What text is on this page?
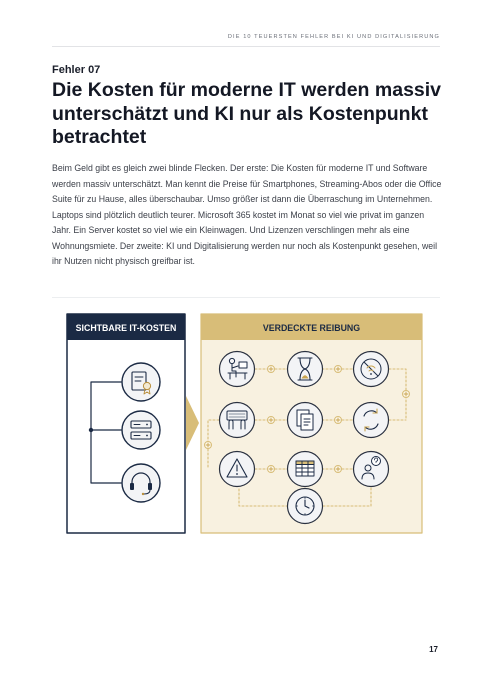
DIE 10 TEUERSTEN FEHLER BEI KI UND DIGITALISIERUNG
Fehler 07
Die Kosten für moderne IT werden massiv unterschätzt und KI nur als Kostenpunkt betrachtet

Beim Geld gibt es gleich zwei blinde Flecken. Der erste: Die Kosten für moderne IT und Software werden massiv unterschätzt. Man kennt die Preise für Smartphones, Streaming-Abos oder die Office Suite für zu Hause, alles überschaubar. Umso größer ist dann die Überraschung im Unternehmen. Laptops sind plötzlich deutlich teurer. Microsoft 365 kostet im Monat so viel wie privat im ganzen Jahr. Ein Server kostet so viel wie ein Kleinwagen. Und Lizenzen verschlingen mehr als eine Wohnungsmiete. Der zweite: KI und Digitalisierung werden nur noch als Kostenpunkt gesehen, weil ihr Nutzen nicht physisch greifbar ist.

SICHTBARE IT-KOSTEN	VERDECKTE REIBUNG
17
